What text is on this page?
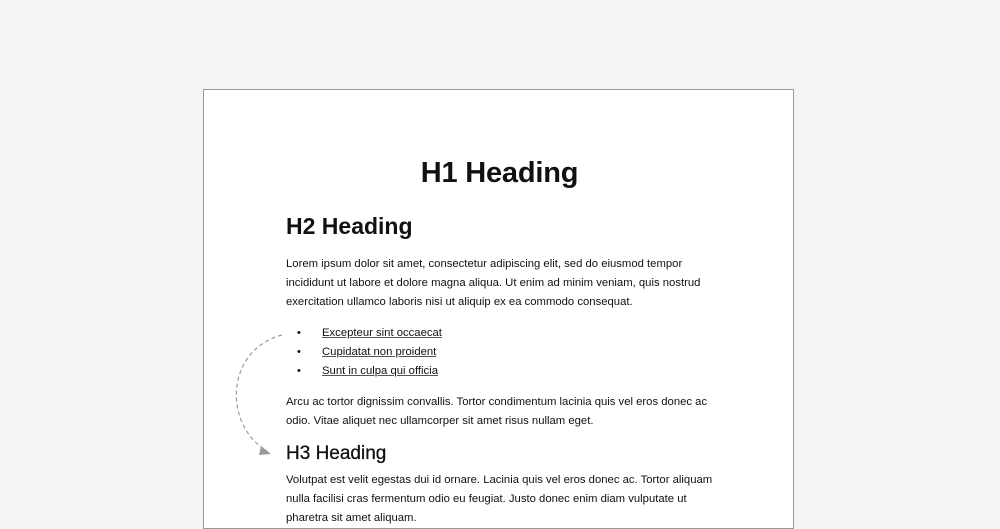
H1 Heading
H2 Heading

Lorem ipsum dolor sit amet, consectetur adipiscing elit, sed do eiusmod tempor incididunt ut labore et dolore magna aliqua. Ut enim ad minim veniam, quis nostrud exercitation ullamco laboris nisi ut aliquip ex ea commodo consequat.

• Excepteur sint occaecat
• Cupidatat non proident
• Sunt in culpa qui officia

Arcu ac tortor dignissim convallis. Tortor condimentum lacinia quis vel eros donec ac odio. Vitae aliquet nec ullamcorper sit amet risus nullam eget.

H3 Heading

Volutpat est velit egestas dui id ornare. Lacinia quis vel eros donec ac. Tortor aliquam nulla facilisi cras fermentum odio eu feugiat. Justo donec enim diam vulputate ut pharetra sit amet aliquam.
